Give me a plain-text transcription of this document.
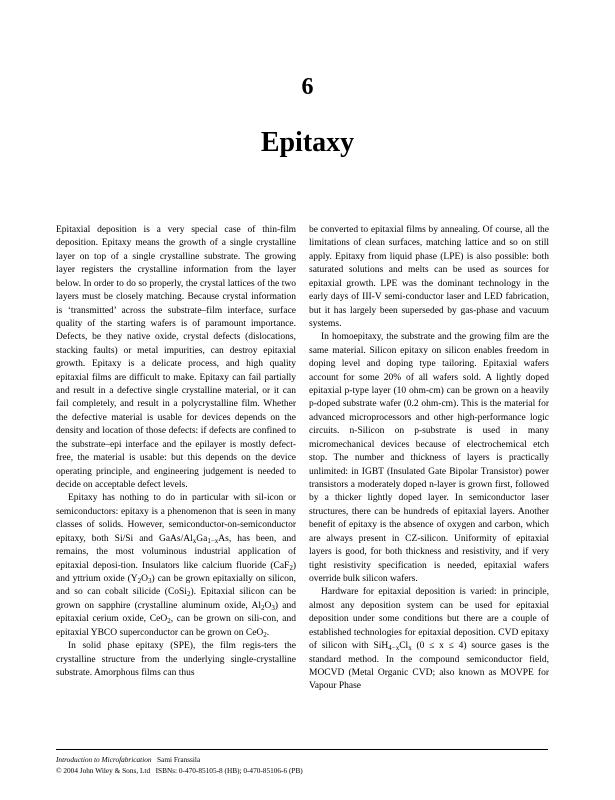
6
Epitaxy

Epitaxial deposition is a very special case of thin-film deposition. Epitaxy means the growth of a single crystalline layer on top of a single crystalline substrate. The growing layer registers the crystalline information from the layer below. In order to do so properly, the crystal lattices of the two layers must be closely matching. Because crystal information is ‘transmitted’ across the substrate–film interface, surface quality of the starting wafers is of paramount importance. Defects, be they native oxide, crystal defects (dislocations, stacking faults) or metal impurities, can destroy epitaxial growth. Epitaxy is a delicate process, and high quality epitaxial films are difficult to make. Epitaxy can fail partially and result in a defective single crystalline material, or it can fail completely, and result in a polycrystalline film. Whether the defective material is usable for devices depends on the density and location of those defects: if defects are confined to the substrate–epi interface and the epilayer is mostly defect-free, the material is usable: but this depends on the device operating principle, and engineering judgement is needed to decide on acceptable defect levels.

Epitaxy has nothing to do in particular with sil-icon or semiconductors: epitaxy is a phenomenon that is seen in many classes of solids. However, semiconductor-on-semiconductor epitaxy, both Si/Si and GaAs/$Al_xGa_{1-x}As$, has been, and remains, the most voluminous industrial application of epitaxial deposi-tion. Insulators like calcium fluoride (CaF$_2$) and yttrium oxide $(Y_2O_3)$ can be grown epitaxially on silicon, and so can cobalt silicide (CoSi$_2$). Epitaxial silicon can be grown on sapphire (crystalline aluminum oxide, $Al_2O_3$) and epitaxial cerium oxide, CeO$_2$, can be grown on sili-con, and epitaxial YBCO superconductor can be grown on CeO$_2$.

In solid phase epitaxy (SPE), the film regis-ters the crystalline structure from the underlying single-crystalline substrate. Amorphous films can thus

be converted to epitaxial films by annealing. Of course, all the limitations of clean surfaces, matching lattice and so on still apply. Epitaxy from liquid phase (LPE) is also possible: both saturated solutions and melts can be used as sources for epitaxial growth. LPE was the dominant technology in the early days of III-V semi-conductor laser and LED fabrication, but it has largely been superseded by gas-phase and vacuum systems.

In homoepitaxy, the substrate and the growing film are the same material. Silicon epitaxy on silicon enables freedom in doping level and doping type tailoring. Epitaxial wafers account for some 20% of all wafers sold. A lightly doped epitaxial p-type layer (10 ohm-cm) can be grown on a heavily p-doped substrate wafer (0.2 ohm-cm). This is the material for advanced microprocessors and other high-performance logic circuits. n-Silicon on p-substrate is used in many micromechanical devices because of electrochemical etch stop. The number and thickness of layers is practically unlimited: in IGBT (Insulated Gate Bipolar Transistor) power transistors a moderately doped n-layer is grown first, followed by a thicker lightly doped layer. In semiconductor laser structures, there can be hundreds of epitaxial layers. Another benefit of epitaxy is the absence of oxygen and carbon, which are always present in CZ-silicon. Uniformity of epitaxial layers is good, for both thickness and resistivity, and if very tight resistivity specification is needed, epitaxial wafers override bulk silicon wafers.

Hardware for epitaxial deposition is varied: in principle, almost any deposition system can be used for epitaxial deposition under some conditions but there are a couple of established technologies for epitaxial deposition. CVD epitaxy of silicon with $SiH_{4-x}Cl_x$ (0 ≤ x ≤ 4) source gases is the standard method. In the compound semiconductor field, MOCVD (Metal Organic CVD; also known as MOVPE for Vapour Phase

Introduction to Microfabrication Sami Franssila
© 2004 John Wiley & Sons, Ltd ISBNs: 0-470-85105-8 (HB); 0-470-85106-6 (PB)
